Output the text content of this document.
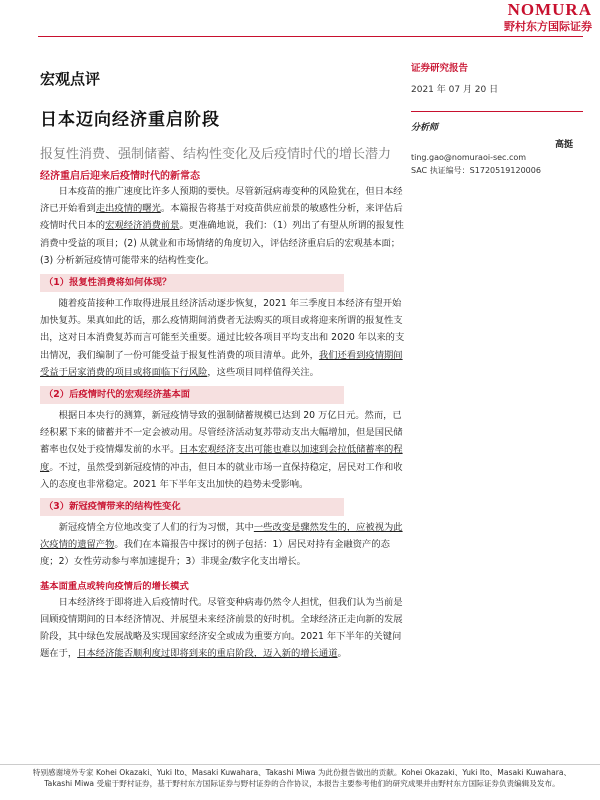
NOMURA
野村东方国际证券
宏观点评
日本迈向经济重启阶段
报复性消费、强制储蓄、结构性变化及后疫情时代的增长潜力
经济重启后迎来后疫情时代的新常态

日本疫苗的推广速度比许多人预期的要快。尽管新冠病毒变种的风险犹在，但日本经济已开始看到走出疫情的曙光。本篇报告将基于对疫苗供应前景的敏感性分析，来评估后疫情时代日本的宏观经济消费前景。更准确地说，我们：（1）列出了有望从所谓的报复性消费中受益的项目；(2) 从就业和市场情绪的角度切入，评估经济重启后的宏观基本面；(3) 分析新冠疫情可能带来的结构性变化。

（1）报复性消费将如何体现？

随着疫苗接种工作取得进展且经济活动逐步恢复，2021 年三季度日本经济有望开始加快复苏。果真如此的话，那么疫情期间消费者无法购买的项目或将迎来所谓的报复性支出，这对日本消费复苏而言可能至关重要。通过比较各项目平均支出和 2020 年以来的支出情况，我们编制了一份可能受益于报复性消费的项目清单。此外，我们还看到疫情期间受益于居家消费的项目或将面临下行风险，这些项目同样值得关注。

（2）后疫情时代的宏观经济基本面

根据日本央行的测算，新冠疫情导致的强制储蓄规模已达到 20 万亿日元。然而，已经积累下来的储蓄并不一定会被动用。尽管经济活动复苏带动支出大幅增加，但是国民储蓄率也仅处于疫情爆发前的水平。日本宏观经济支出可能也难以加速到会拉低储蓄率的程度。不过，虽然受到新冠疫情的冲击，但日本的就业市场一直保持稳定，居民对工作和收入的态度也非常稳定。2021 年下半年支出加快的趋势未受影响。

（3）新冠疫情带来的结构性变化

新冠疫情全方位地改变了人们的行为习惯，其中一些改变是骤然发生的，应被视为此次疫情的遗留产物。我们在本篇报告中探讨的例子包括：1）居民对持有金融资产的态度；2）女性劳动参与率加速提升；3）非现金/数字化支出增长。

基本面重点或转向疫情后的增长模式

日本经济终于即将进入后疫情时代。尽管变种病毒仍然令人担忧，但我们认为当前是回顾疫情期间的日本经济情况、并展望未来经济前景的好时机。全球经济正走向新的发展阶段，其中绿色发展战略及实现国家经济安全或成为重要方向。2021 年下半年的关键问题在于，日本经济能否顺利度过即将到来的重启阶段，迈入新的增长通道。

证券研究报告
2021 年 07 月 20 日
分析师
高挺
ting.gao@nomuraoi-sec.com
SAC 执证编号：S1720519120006
特别感谢境外专家 Kohei Okazaki、Yuki Ito、Masaki Kuwahara、Takashi Miwa 为此份报告做出的贡献。Kohei Okazaki、Yuki Ito、Masaki Kuwahara、Takashi Miwa 受雇于野村证券，基于野村东方国际证券与野村证券的合作协议，本报告主要参考他们的研究成果并由野村东方国际证券负责编辑及发布。
